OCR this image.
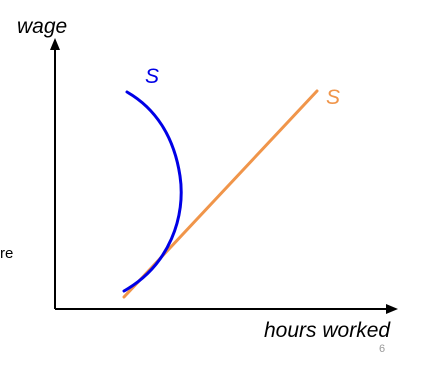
wage
hours worked
S
S
re
6
